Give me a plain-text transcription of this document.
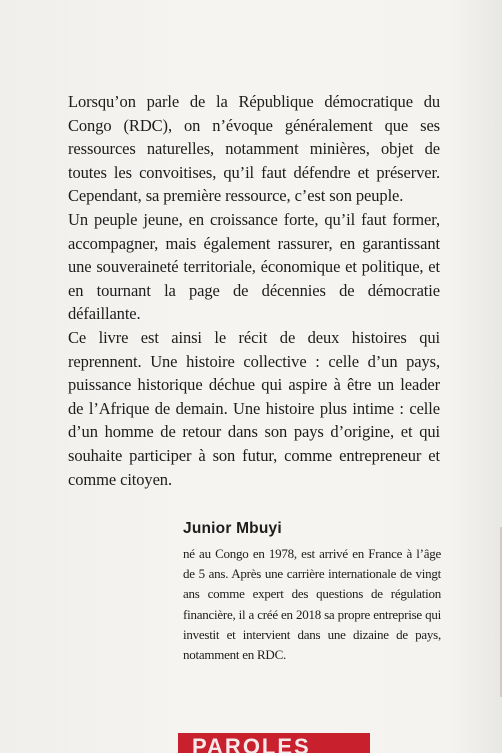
Lorsqu’on parle de la République démocratique du Congo (RDC), on n’évoque généralement que ses ressources naturelles, notamment minières, objet de toutes les convoitises, qu’il faut défendre et préserver. Cependant, sa première ressource, c’est son peuple.

Un peuple jeune, en croissance forte, qu’il faut former, accompagner, mais également rassurer, en garantissant une souveraineté territoriale, économique et politique, et en tournant la page de décennies de démocratie défaillante.

Ce livre est ainsi le récit de deux histoires qui reprennent. Une histoire collective : celle d’un pays, puissance historique déchue qui aspire à être un leader de l’Afrique de demain. Une histoire plus intime : celle d’un homme de retour dans son pays d’origine, et qui souhaite participer à son futur, comme entrepreneur et comme citoyen.

Junior Mbuyi

né au Congo en 1978, est arrivé en France à l’âge de 5 ans. Après une carrière internationale de vingt ans comme expert des questions de régulation financière, il a créé en 2018 sa propre entreprise qui investit et intervient dans une dizaine de pays, notamment en RDC.

PAROLES
